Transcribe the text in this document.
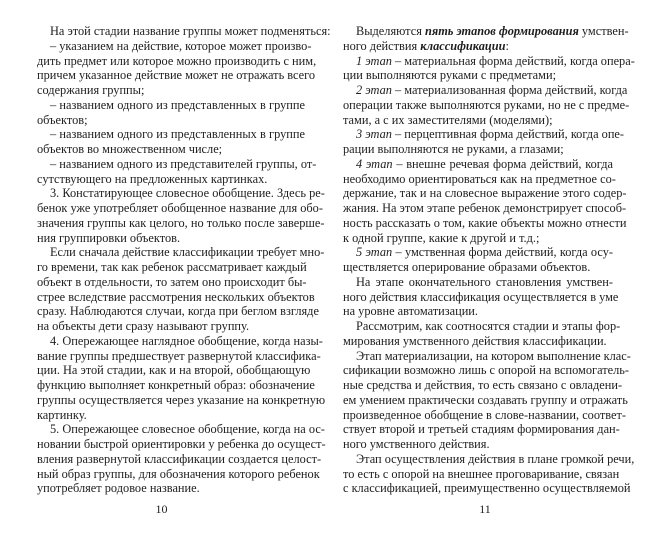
На этой стадии название группы может подменяться:
– указанием на действие, которое может произво-
дить предмет или которое можно производить с ним,
причем указанное действие может не отражать всего
содержания группы;
– названием одного из представленных в группе
объектов;
– названием одного из представленных в группе
объектов во множественном числе;
– названием одного из представителей группы, от-
сутствующего на предложенных картинках.
3. Констатирующее словесное обобщение. Здесь ре-
бенок уже употребляет обобщенное название для обо-
значения группы как целого, но только после заверше-
ния группировки объектов.
Если сначала действие классификации требует мно-
го времени, так как ребенок рассматривает каждый
объект в отдельности, то затем оно происходит бы-
стрее вследствие рассмотрения нескольких объектов
сразу. Наблюдаются случаи, когда при беглом взгляде
на объекты дети сразу называют группу.
4. Опережающее наглядное обобщение, когда назы-
вание группы предшествует развернутой классифика-
ции. На этой стадии, как и на второй, обобщающую
функцию выполняет конкретный образ: обозначение
группы осуществляется через указание на конкретную
картинку.
5. Опережающее словесное обобщение, когда на ос-
новании быстрой ориентировки у ребенка до осущест-
вления развернутой классификации создается целост-
ный образ группы, для обозначения которого ребенок
употребляет родовое название.
10
Выделяются пять этапов формирования умствен-
ного действия классификации:
1 этап – материальная форма действий, когда опера-
ции выполняются руками с предметами;
2 этап – материализованная форма действий, когда
операции также выполняются руками, но не с предме-
тами, а с их заместителями (моделями);
3 этап – перцептивная форма действий, когда опе-
рации выполняются не руками, а глазами;
4 этап – внешне речевая форма действий, когда
необходимо ориентироваться как на предметное со-
держание, так и на словесное выражение этого содер-
жания. На этом этапе ребенок демонстрирует способ-
ность рассказать о том, какие объекты можно отнести
к одной группе, какие к другой и т.д.;
5 этап – умственная форма действий, когда осу-
ществляется оперирование образами объектов.
На этапе окончательного становления умствен-
ного действия классификация осуществляется в уме
на уровне автоматизации.
Рассмотрим, как соотносятся стадии и этапы фор-
мирования умственного действия классификации.
Этап материализации, на котором выполнение клас-
сификации возможно лишь с опорой на вспомогатель-
ные средства и действия, то есть связано с овладени-
ем умением практически создавать группу и отражать
произведенное обобщение в слове-названии, соответ-
ствует второй и третьей стадиям формирования дан-
ного умственного действия.
Этап осуществления действия в плане громкой речи,
то есть с опорой на внешнее проговаривание, связан
с классификацией, преимущественно осуществляемой
11
